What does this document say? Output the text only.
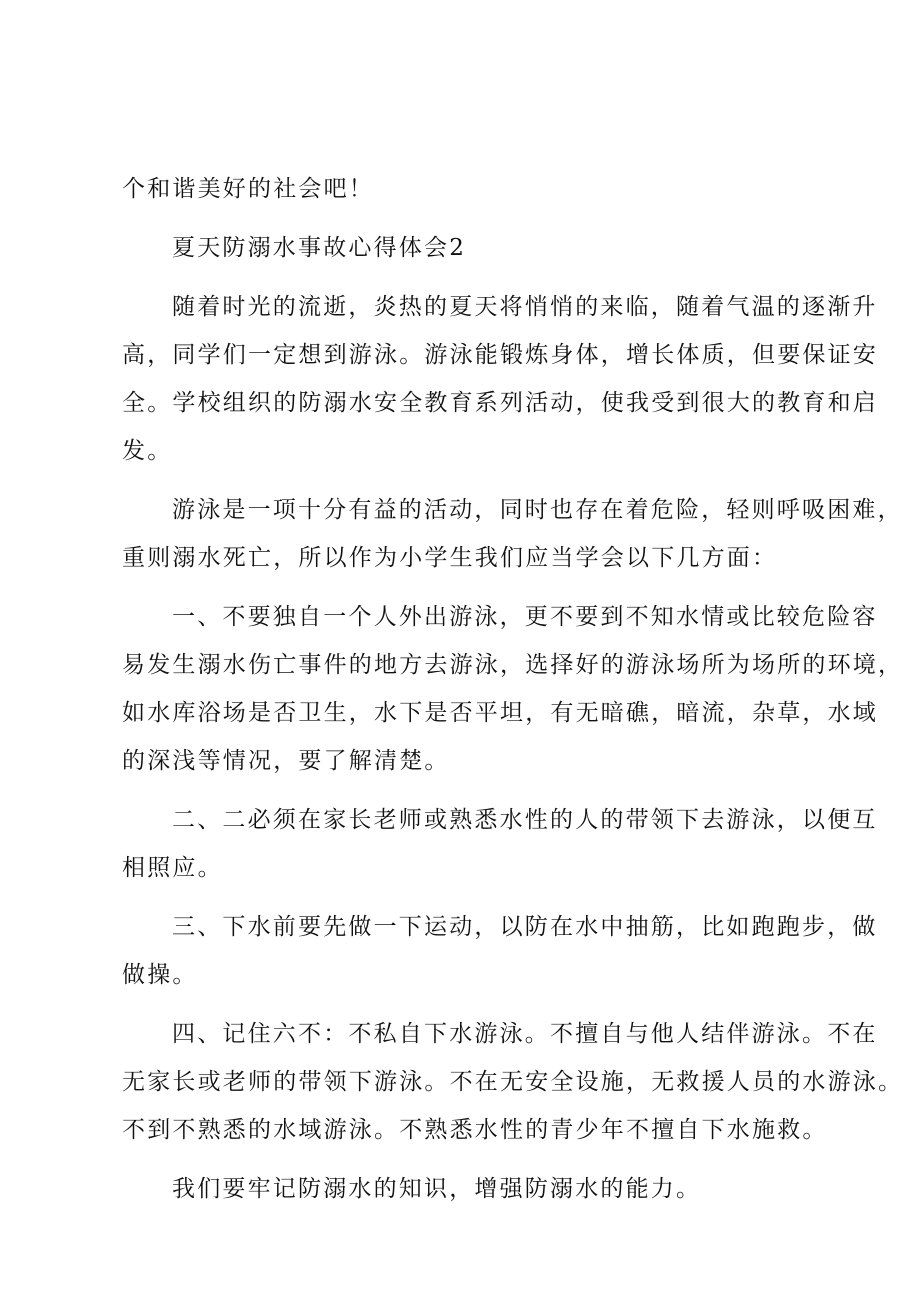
个和谐美好的社会吧！

夏天防溺水事故心得体会2

随着时光的流逝，炎热的夏天将悄悄的来临，随着气温的逐渐升
高，同学们一定想到游泳。游泳能锻炼身体，增长体质，但要保证安
全。学校组织的防溺水安全教育系列活动，使我受到很大的教育和启
发。

游泳是一项十分有益的活动，同时也存在着危险，轻则呼吸困难，
重则溺水死亡，所以作为小学生我们应当学会以下几方面：

一、不要独自一个人外出游泳，更不要到不知水情或比较危险容
易发生溺水伤亡事件的地方去游泳，选择好的游泳场所为场所的环境，
如水库浴场是否卫生，水下是否平坦，有无暗礁，暗流，杂草，水域
的深浅等情况，要了解清楚。

二、二必须在家长老师或熟悉水性的人的带领下去游泳，以便互
相照应。

三、下水前要先做一下运动，以防在水中抽筋，比如跑跑步，做
做操。

四、记住六不：不私自下水游泳。不擅自与他人结伴游泳。不在
无家长或老师的带领下游泳。不在无安全设施，无救援人员的水游泳。
不到不熟悉的水域游泳。不熟悉水性的青少年不擅自下水施救。

我们要牢记防溺水的知识，增强防溺水的能力。
